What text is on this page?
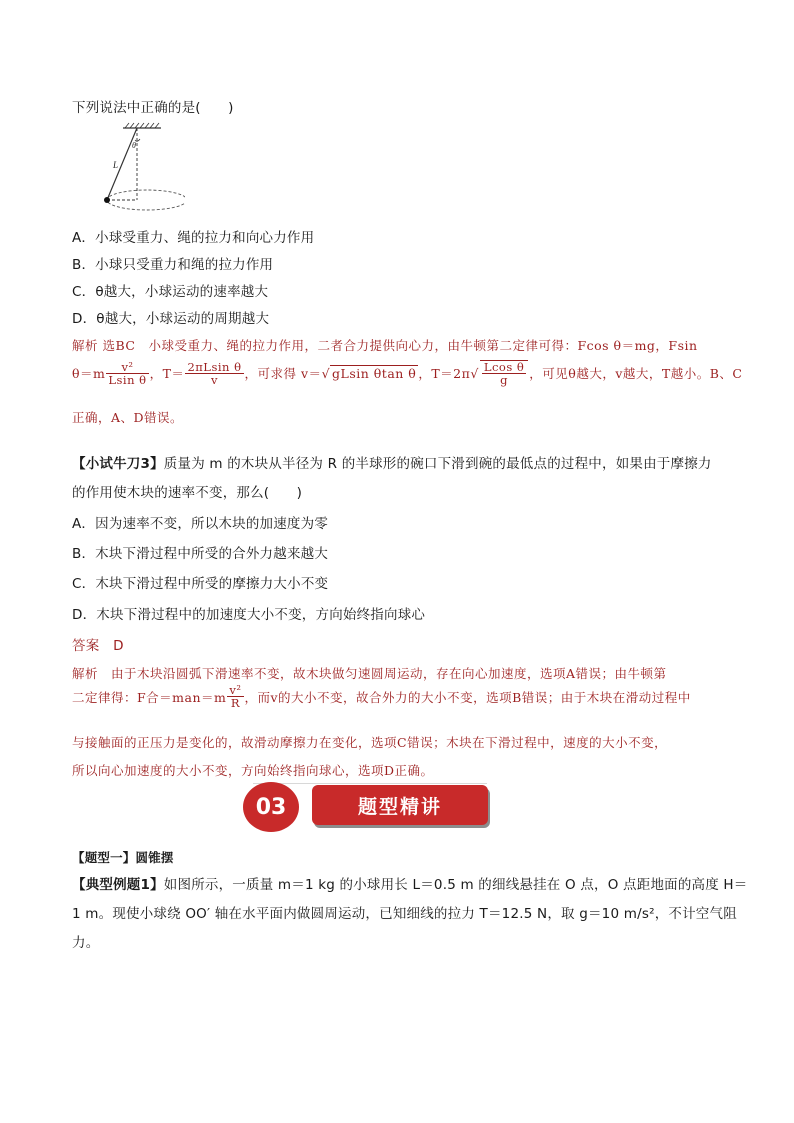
下列说法中正确的是(　　)
θ
L
A．小球受重力、绳的拉力和向心力作用
B．小球只受重力和绳的拉力作用
C．θ越大，小球运动的速率越大
D．θ越大，小球运动的周期越大
解析 选BC　小球受重力、绳的拉力作用，二者合力提供向心力，由牛顿第二定律可得：Fcos θ＝mg，Fsin
$\theta=m \frac{\text{v²}}{\text{Lsin θ}}$ ，$T= \frac{\text{2πLsin θ}}{v}$ ，可求得 v＝ √ gLsin θtan θ ，T＝2π √ $\frac{\text{Lcos θ}}{g}$ ，可见θ越大，v越大，T越小。B、C
正确，A、D错误。
【小试牛刀3】质量为 m 的木块从半径为 R 的半球形的碗口下滑到碗的最低点的过程中，如果由于摩擦力
的作用使木块的速率不变，那么(　　)
A．因为速率不变，所以木块的加速度为零
B．木块下滑过程中所受的合外力越来越大
C．木块下滑过程中所受的摩擦力大小不变
D．木块下滑过程中的加速度大小不变，方向始终指向球心
答案　D
解析　由于木块沿圆弧下滑速率不变，故木块做匀速圆周运动，存在向心加速度，选项A错误；由牛顿第
二定律得：F合$=man=m \frac{\text{v²}}{R}$ ，而v的大小不变，故合外力的大小不变，选项B错误；由于木块在滑动过程中
与接触面的正压力是变化的，故滑动摩擦力在变化，选项C错误；木块在下滑过程中，速度的大小不变，
所以向心加速度的大小不变，方向始终指向球心，选项D正确。
题型精讲
03
【题型一】圆锥摆
【典型例题1】如图所示，一质量 m＝1 kg 的小球用长 L＝0.5 m 的细线悬挂在 O 点，O 点距地面的高度 H＝
1 m。现使小球绕 OO′ 轴在水平面内做圆周运动，已知细线的拉力 T＝12.5 N，取 g＝10 m/s²，不计空气阻
力。
